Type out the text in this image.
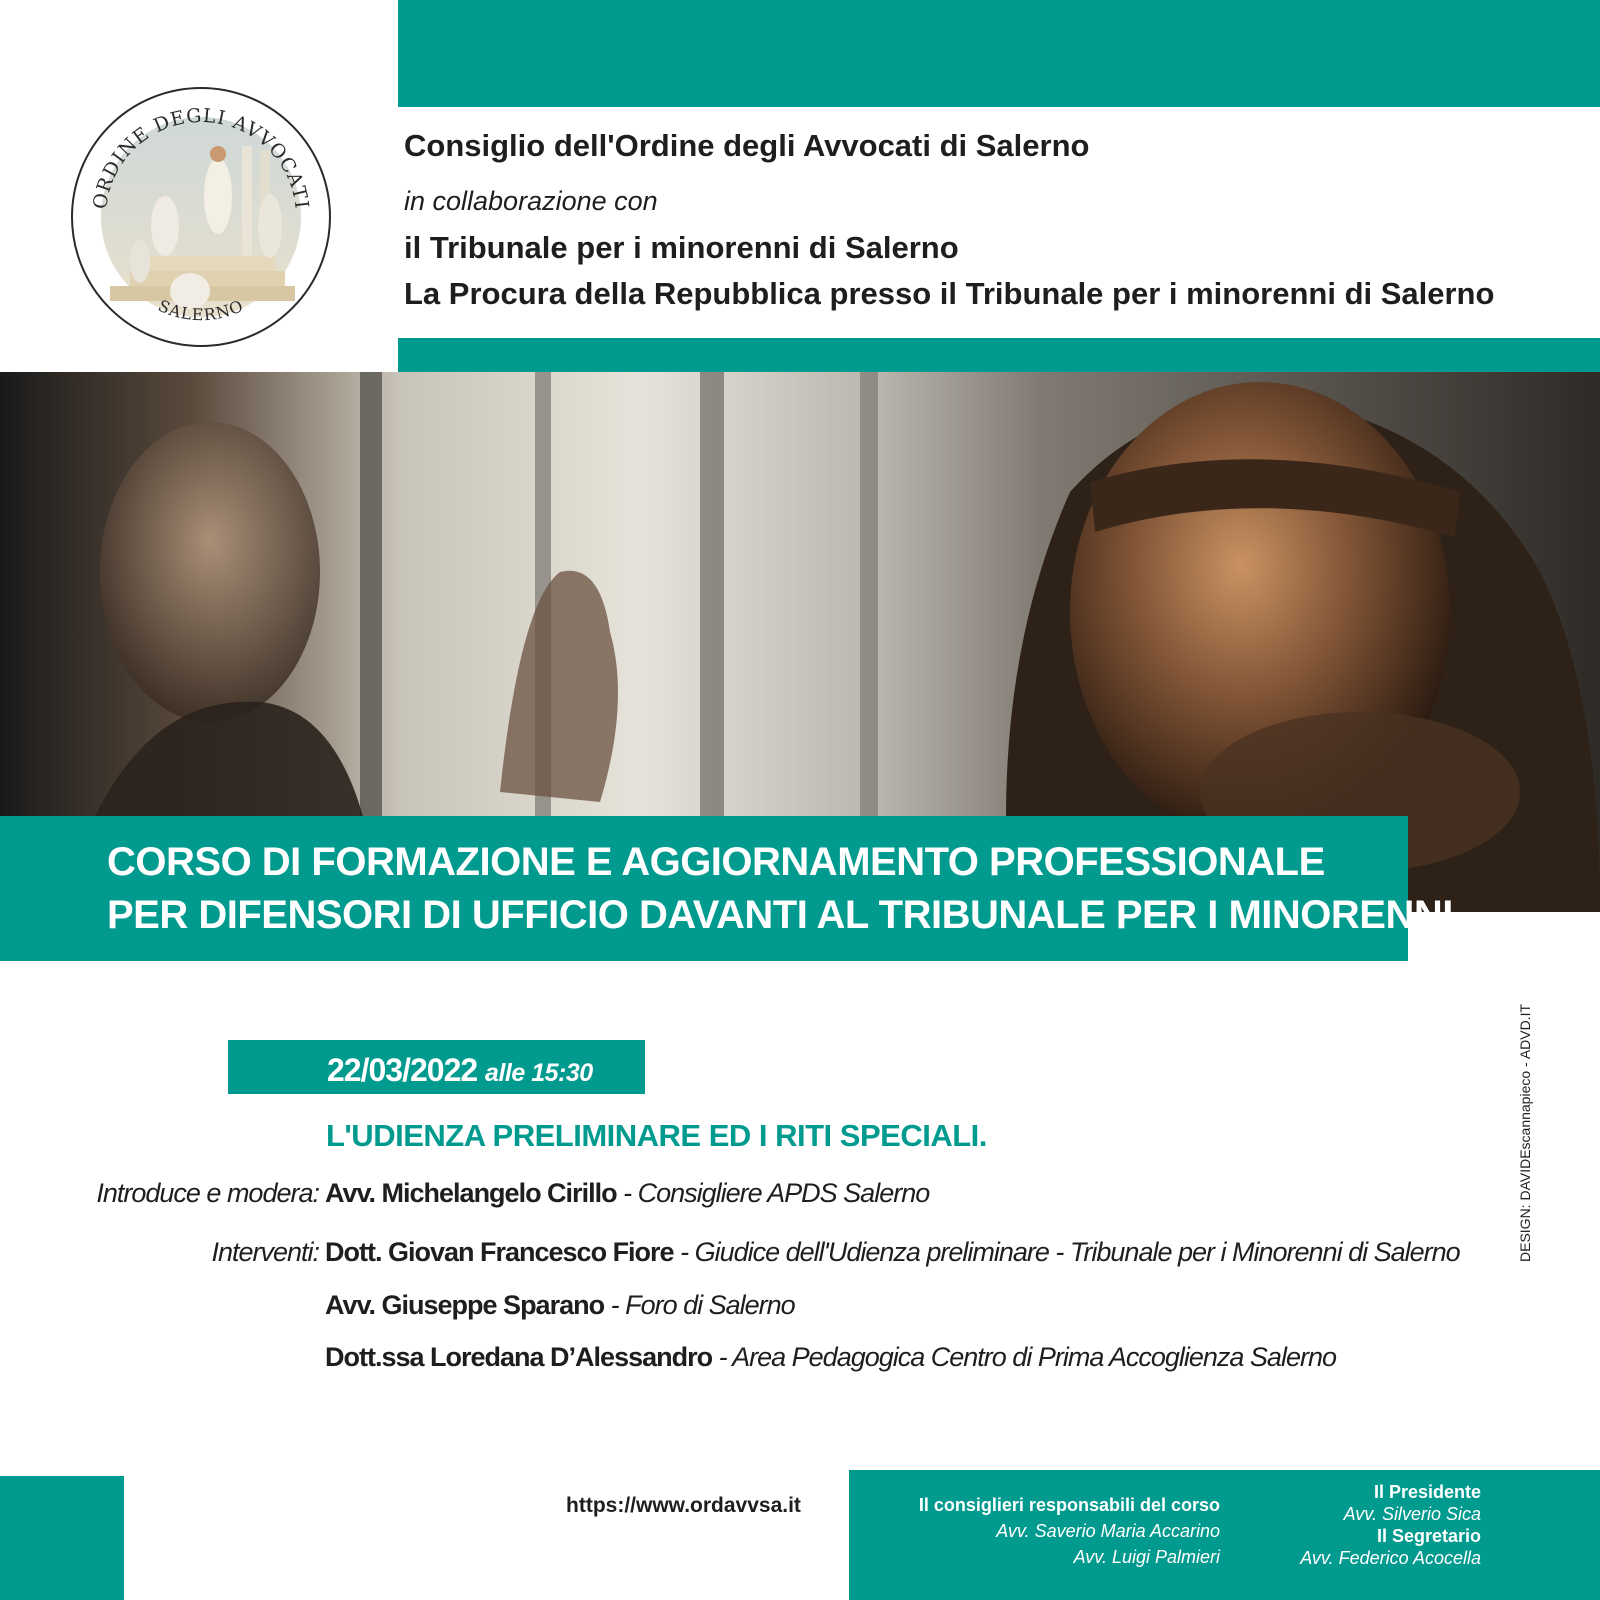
ORDINE DEGLI AVVOCATI
SALERNO
Consiglio dell'Ordine degli Avvocati di Salerno
in collaborazione con
il Tribunale per i minorenni di Salerno
La Procura della Repubblica presso il Tribunale per i minorenni di Salerno
CORSO DI FORMAZIONE E AGGIORNAMENTO PROFESSIONALE
PER DIFENSORI DI UFFICIO DAVANTI AL TRIBUNALE PER I MINORENNI.
22/03/2022 alle 15:30
L'UDIENZA PRELIMINARE ED I RITI SPECIALI.
Introduce e modera: Avv. Michelangelo Cirillo - Consigliere APDS Salerno
Interventi: Dott. Giovan Francesco Fiore - Giudice dell'Udienza preliminare - Tribunale per i Minorenni di Salerno
Avv. Giuseppe Sparano - Foro di Salerno
Dott.ssa Loredana D’Alessandro - Area Pedagogica Centro di Prima Accoglienza Salerno
DESIGN: DAVIDEscannapieco - ADVD.IT
https://www.ordavvsa.it	Il consiglieri responsabili del corso
Avv. Saverio Maria Accarino
Avv. Luigi Palmieri
Il Presidente
Avv. Silverio Sica
Il Segretario
Avv. Federico Acocella
